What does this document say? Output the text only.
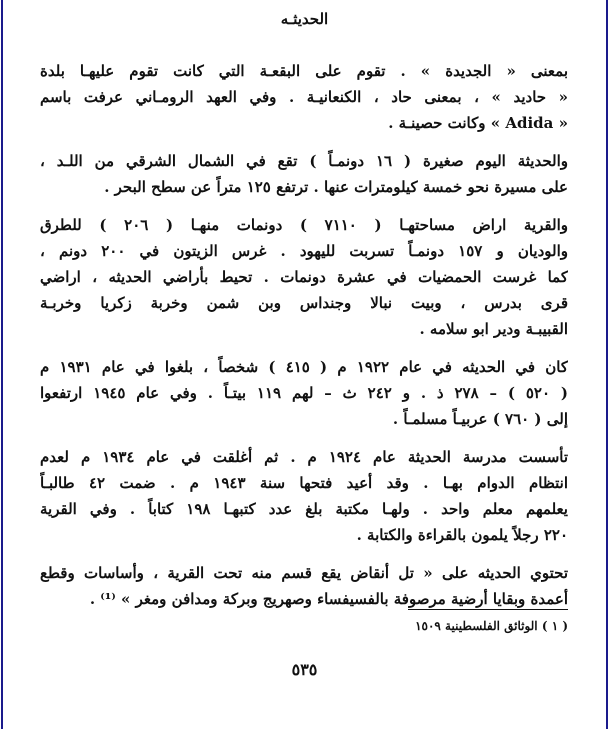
الحديثـه
بمعنى « الجديدة » . تقوم على البقعـة التي كانت تقوم عليهـا بلدة
« حاديد » ، بمعنى حاد ، الكنعانيـة . وفي العهد الرومـاني عرفت باسم
« Adida » وكانت حصينـة .
والحديثة اليوم صغيرة ( ١٦ دونمـاً ) تقع في الشمال الشرقي من اللـد ،
على مسيرة نحو خمسة كيلومترات عنها . ترتفع ١٢٥ متراً عن سطح البحر .
والقرية اراض مساحتهـا ( ٧١١٠ ) دونمات منهـا ( ٢٠٦ ) للطرق
والوديان و ١٥٧ دونمـاً تسربت لليهود . غرس الزيتون في ٢٠٠ دونم ،
كما غرست الحمضيات في عشرة دونمات . تحيط بأراضي الحديثه ، اراضي
قرى بدرس ، وبيت نبالا وجنداس وبن شمن وخربة زكريا وخربـة
القبيبـة ودير ابو سلامه .
كان في الحديثه في عام ١٩٢٢ م ( ٤١٥ ) شخصاً ، بلغوا في عام ١٩٣١ م
( ٥٢٠ ) – ٢٧٨ ذ . و ٢٤٢ ث – لهم ١١٩ بيتـاً . وفي عام ١٩٤٥ ارتفعوا
إلى ( ٧٦٠ ) عربيـاً مسلمـاً .
تأسست مدرسة الحديثة عام ١٩٢٤ م . ثم أغلقت في عام ١٩٣٤ م لعدم
انتظام الدوام بهـا . وقد أعيد فتحها سنة ١٩٤٣ م . ضمت ٤٢ طالبـاً
يعلمهم معلم واحد . ولهـا مكتبة بلغ عدد كتبهـا ١٩٨ كتاباً . وفي القرية
٢٢٠ رجلاً يلمون بالقراءة والكتابة .
تحتوي الحديثه على « تل أنقاض يقع قسم منه تحت القرية ، وأساسات وقطع
أعمدة وبقايا أرضية مرصوفة بالفسيفساء وصهريج وبركة ومدافن ومغر » ⁽¹⁾ .
( ١ ) الوثائق الفلسطينية ١٥٠٩
٥٣٥
